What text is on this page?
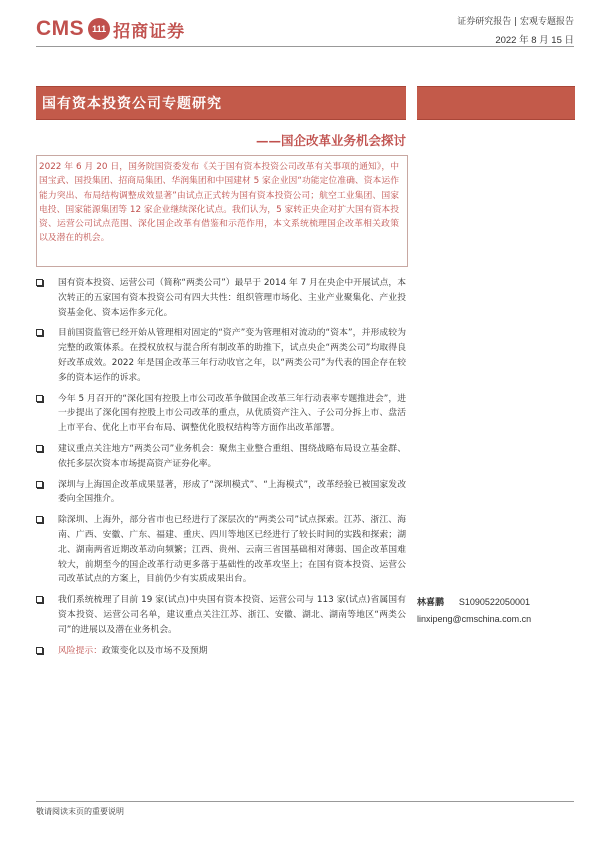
CMS 111 招商证券	证券研究报告 | 宏观专题报告
2022 年 8 月 15 日
国有资本投资公司专题研究
——国企改革业务机会探讨
2022 年 6 月 20 日，国务院国资委发布《关于国有资本投资公司改革有关事项的通知》，中国宝武、国投集团、招商局集团、华润集团和中国建材 5 家企业因“功能定位准确、资本运作能力突出、布局结构调整成效显著”由试点正式转为国有资本投资公司；航空工业集团、国家电投、国家能源集团等 12 家企业继续深化试点。我们认为，5 家转正央企对扩大国有资本投资、运营公司试点范围、深化国企改革有借鉴和示范作用，本文系统梳理国企改革相关政策以及潜在的机会。
国有资本投资、运营公司（简称“两类公司”）最早于 2014 年 7 月在央企中开展试点，本次转正的五家国有资本投资公司有四大共性：组织管理市场化、主业产业聚集化、产业投资基金化、资本运作多元化。
目前国资监管已经开始从管理相对固定的“资产”变为管理相对流动的“资本”，并形成较为完整的政策体系。在授权放权与混合所有制改革的助推下，试点央企“两类公司”均取得良好改革成效。2022 年是国企改革三年行动收官之年，以“两类公司”为代表的国企存在较多的资本运作的诉求。
今年 5 月召开的“深化国有控股上市公司改革争做国企改革三年行动表率专题推进会”，进一步提出了深化国有控股上市公司改革的重点，从优质资产注入、子公司分拆上市、盘活上市平台、优化上市平台布局、调整优化股权结构等方面作出改革部署。
建议重点关注地方“两类公司”业务机会：聚焦主业整合重组、围绕战略布局设立基金群、依托多层次资本市场提高资产证券化率。
深圳与上海国企改革成果显著，形成了“深圳模式”、“上海模式”，改革经验已被国家发改委向全国推介。
除深圳、上海外，部分省市也已经进行了深层次的“两类公司”试点探索。江苏、浙江、海南、广西、安徽、广东、福建、重庆、四川等地区已经进行了较长时间的实践和探索；湖北、湖南两省近期改革动向频繁；江西、贵州、云南三省国基础相对薄弱、国企改革国难较大，前期至今的国企改革行动更多落于基础性的改革攻坚上；在国有资本投资、运营公司改革试点的方案上，目前仍少有实质成果出台。
我们系统梳理了目前 19 家(试点)中央国有资本投资、运营公司与 113 家(试点)省属国有资本投资、运营公司名单，建议重点关注江苏、浙江、安徽、湖北、湖南等地区“两类公司”的进展以及潜在业务机会。
风险提示：政策变化以及市场不及预期
林喜鹏 S1090522050001
linxipeng@cmschina.com.cn
敬请阅读末页的重要说明
